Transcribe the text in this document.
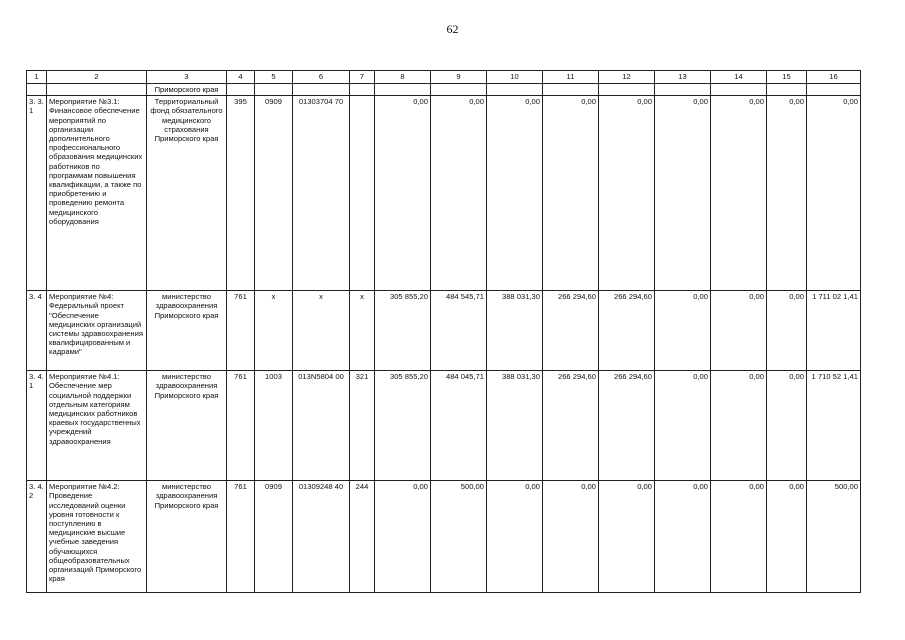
62
1	2	3	4	5	6	7	8	9	10	11	12	13	14	15	16
		Приморского края													
3. 3. 1	Мероприятие №3.1: Финансовое обеспечение мероприятий по организации дополнительного профессионального образования медицинских работников по программам повышения квалификации, а также по приобретению и проведению ремонта медицинского оборудования	Территориальный фонд обязательного медицинского страхования Приморского края	395	0909	01303704 70		0,00	0,00	0,00	0,00	0,00	0,00	0,00	0,00	0,00
3. 4	Мероприятие №4: Федеральный проект "Обеспечение медицинских организаций системы здравоохранения квалифицированным и кадрами"	министерство здравоохранения Приморского края	761	x	x	x	305 855,20	484 545,71	388 031,30	266 294,60	266 294,60	0,00	0,00	0,00	1 711 02 1,41
3. 4. 1	Мероприятие №4.1: Обеспечение мер социальной поддержки отдельным категориям медицинских работников краевых государственных учреждений здравоохранения	министерство здравоохранения Приморского края	761	1003	013N5804 00	321	305 855,20	484 045,71	388 031,30	266 294,60	266 294,60	0,00	0,00	0,00	1 710 52 1,41
3. 4. 2	Мероприятие №4.2: Проведение исследований оценки уровня готовности к поступлению в медицинские высшие учебные заведения обучающихся общеобразовательных организаций Приморского края	министерство здравоохранения Приморского края	761	0909	01309248 40	244	0,00	500,00	0,00	0,00	0,00	0,00	0,00	0,00	500,00
